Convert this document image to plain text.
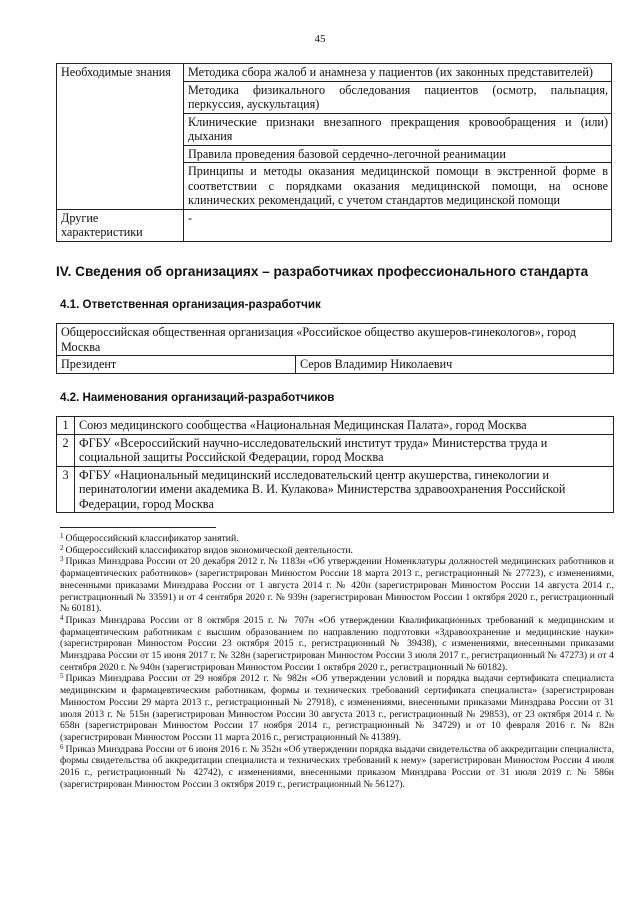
45
Необходимые знания	Методика сбора жалоб и анамнеза у пациентов (их законных представителей)
	Методика физикального обследования пациентов (осмотр, пальпация, перкуссия, аускультация)
	Клинические признаки внезапного прекращения кровообращения и (или) дыхания
	Правила проведения базовой сердечно-легочной реанимации
	Принципы и методы оказания медицинской помощи в экстренной форме в соответствии с порядками оказания медицинской помощи, на основе клинических рекомендаций, с учетом стандартов медицинской помощи
Другие характеристики	-
IV. Сведения об организациях – разработчиках профессионального стандарта
4.1. Ответственная организация-разработчик
Общероссийская общественная организация «Российское общество акушеров-гинекологов», город Москва
Президент	Серов Владимир Николаевич
4.2. Наименования организаций-разработчиков
1	Союз медицинского сообщества «Национальная Медицинская Палата», город Москва
2	ФГБУ «Всероссийский научно-исследовательский институт труда» Министерства труда и социальной защиты Российской Федерации, город Москва
3	ФГБУ «Национальный медицинский исследовательский центр акушерства, гинекологии и перинатологии имени академика В. И. Кулакова» Министерства здравоохранения Российской Федерации, город Москва

$^1$ Общероссийский классификатор занятий.

$^2$ Общероссийский классификатор видов экономической деятельности.

$^3$ Приказ Минздрава России от 20 декабря 2012 г. № 1183н «Об утверждении Номенклатуры должностей медицинских работников и фармацевтических работников» (зарегистрирован Минюстом России 18 марта 2013 г., регистрационный № 27723), с изменениями, внесенными приказами Минздрава России от 1 августа 2014 г. № 420н (зарегистрирован Минюстом России 14 августа 2014 г., регистрационный № 33591) и от 4 сентября 2020 г. № 939н (зарегистрирован Минюстом России 1 октября 2020 г., регистрационный № 60181).

$^4$ Приказ Минздрава России от 8 октября 2015 г. № 707н «Об утверждении Квалификационных требований к медицинским и фармацевтическим работникам с высшим образованием по направлению подготовки «Здравоохранение и медицинские науки» (зарегистрирован Минюстом России 23 октября 2015 г., регистрационный № 39438), с изменениями, внесенными приказами Минздрава России от 15 июня 2017 г. № 328н (зарегистрирован Минюстом России 3 июля 2017 г., регистрационный № 47273) и от 4 сентября 2020 г. № 940н (зарегистрирован Минюстом России 1 октября 2020 г., регистрационный № 60182).

$^5$ Приказ Минздрава России от 29 ноября 2012 г. № 982н «Об утверждении условий и порядка выдачи сертификата специалиста медицинским и фармацевтическим работникам, формы и технических требований сертификата специалиста» (зарегистрирован Минюстом России 29 марта 2013 г., регистрационный № 27918), с изменениями, внесенными приказами Минздрава России от 31 июля 2013 г. № 515н (зарегистрирован Минюстом России 30 августа 2013 г., регистрационный № 29853), от 23 октября 2014 г. № 658н (зарегистрирован Минюстом России 17 ноября 2014 г., регистрационный № 34729) и от 10 февраля 2016 г. № 82н (зарегистрирован Минюстом России 11 марта 2016 г., регистрационный № 41389).

$^6$ Приказ Минздрава России от 6 июня 2016 г. № 352н «Об утверждении порядка выдачи свидетельства об аккредитации специалиста, формы свидетельства об аккредитации специалиста и технических требований к нему» (зарегистрирован Минюстом России 4 июля 2016 г., регистрационный № 42742), с изменениями, внесенными приказом Минздрава России от 31 июля 2019 г. № 586н (зарегистрирован Минюстом России 3 октября 2019 г., регистрационный № 56127).
